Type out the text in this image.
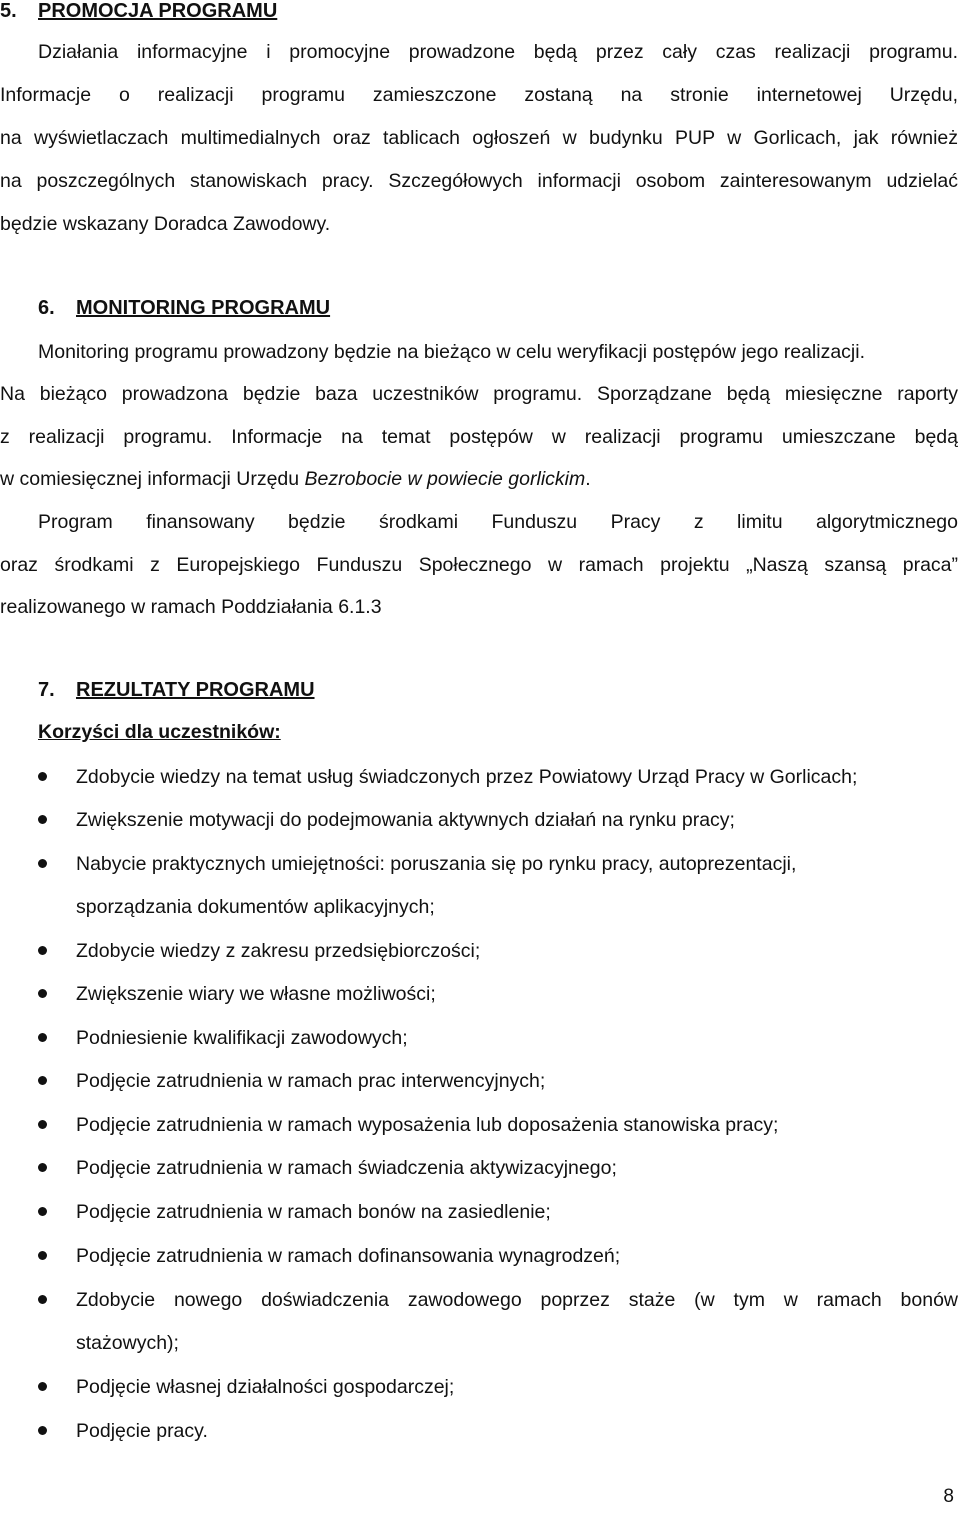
5. PROMOCJA PROGRAMU
Działania informacyjne i promocyjne prowadzone będą przez cały czas realizacji programu.
Informacje o realizacji programu zamieszczone zostaną na stronie internetowej Urzędu,
na wyświetlaczach multimedialnych oraz tablicach ogłoszeń w budynku PUP w Gorlicach, jak również
na poszczególnych stanowiskach pracy. Szczegółowych informacji osobom zainteresowanym udzielać
będzie wskazany Doradca Zawodowy.
6. MONITORING PROGRAMU
Monitoring programu prowadzony będzie na bieżąco w celu weryfikacji postępów jego realizacji.
Na bieżąco prowadzona będzie baza uczestników programu. Sporządzane będą miesięczne raporty
z realizacji programu. Informacje na temat postępów w realizacji programu umieszczane będą
w comiesięcznej informacji Urzędu Bezrobocie w powiecie gorlickim.
Program finansowany będzie środkami Funduszu Pracy z limitu algorytmicznego
oraz środkami z Europejskiego Funduszu Społecznego w ramach projektu „Naszą szansą praca”
realizowanego w ramach Poddziałania 6.1.3
7. REZULTATY PROGRAMU
Korzyści dla uczestników:
Zdobycie wiedzy na temat usług świadczonych przez Powiatowy Urząd Pracy w Gorlicach;
Zwiększenie motywacji do podejmowania aktywnych działań na rynku pracy;
Nabycie praktycznych umiejętności: poruszania się po rynku pracy, autoprezentacji,
sporządzania dokumentów aplikacyjnych;
Zdobycie wiedzy z zakresu przedsiębiorczości;
Zwiększenie wiary we własne możliwości;
Podniesienie kwalifikacji zawodowych;
Podjęcie zatrudnienia w ramach prac interwencyjnych;
Podjęcie zatrudnienia w ramach wyposażenia lub doposażenia stanowiska pracy;
Podjęcie zatrudnienia w ramach świadczenia aktywizacyjnego;
Podjęcie zatrudnienia w ramach bonów na zasiedlenie;
Podjęcie zatrudnienia w ramach dofinansowania wynagrodzeń;
Zdobycie nowego doświadczenia zawodowego poprzez staże (w tym w ramach bonów
stażowych);
Podjęcie własnej działalności gospodarczej;
Podjęcie pracy.
8
